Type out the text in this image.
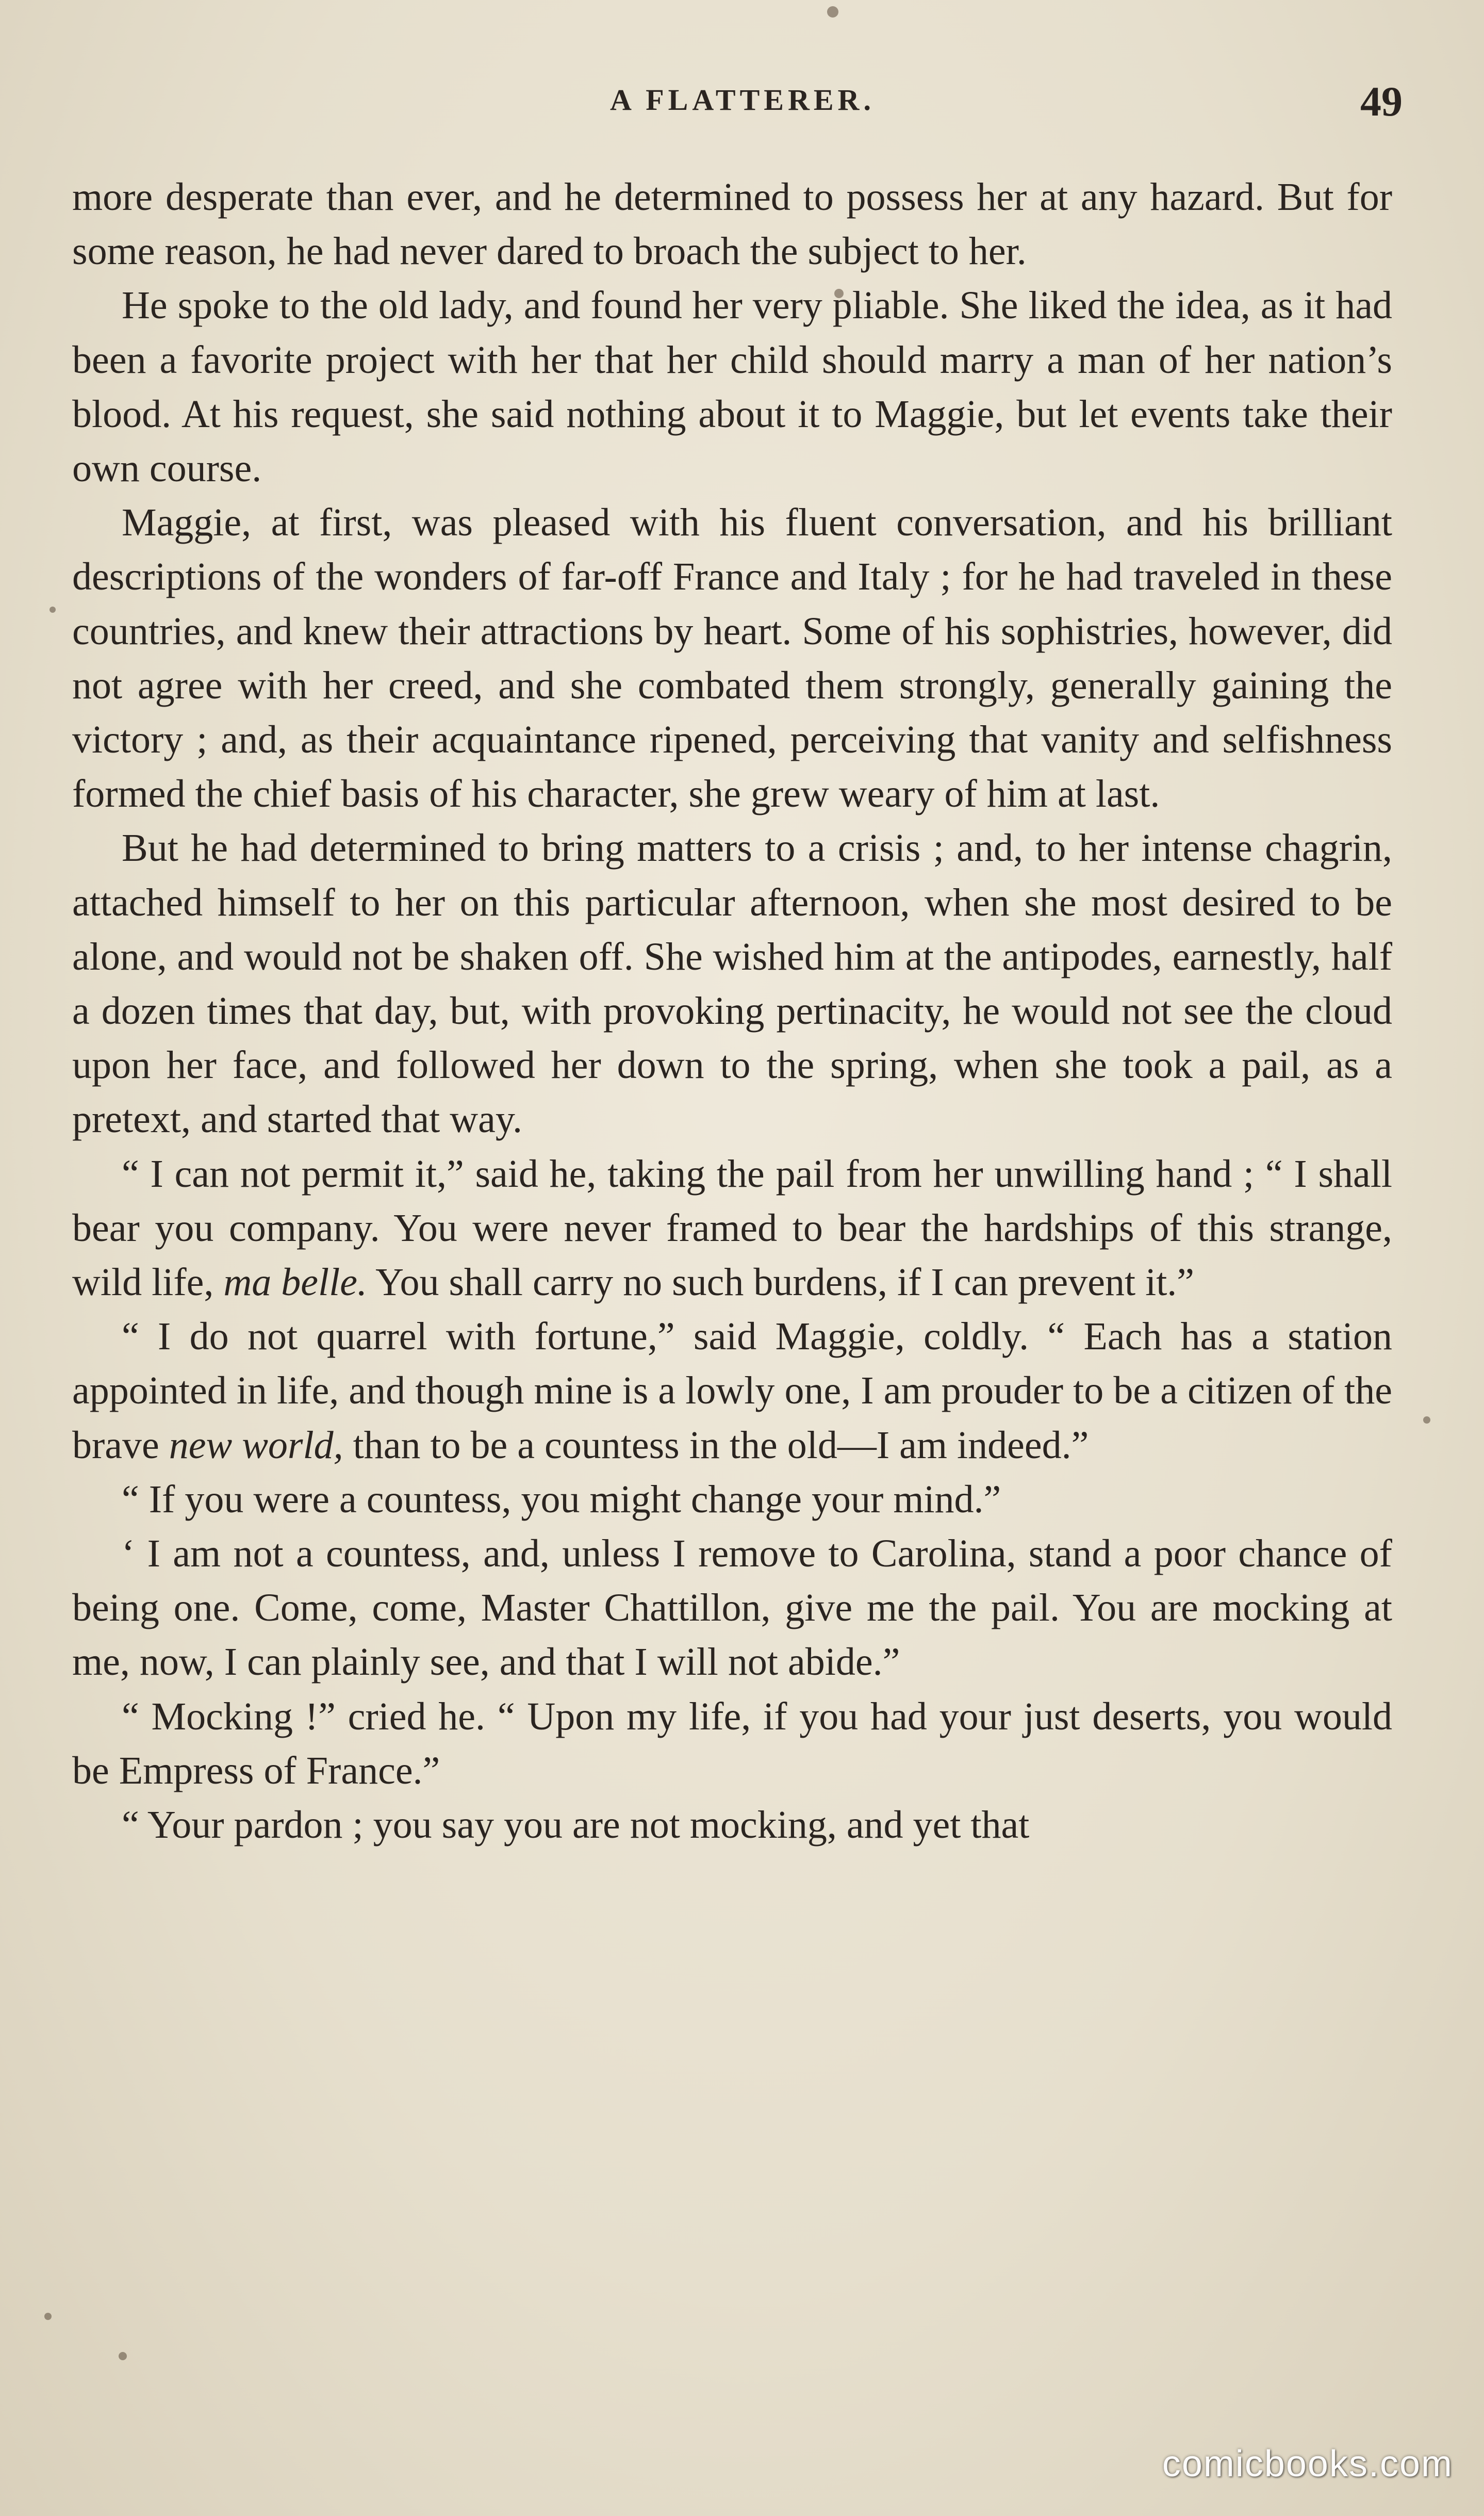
A FLATTERER.	49

more desperate than ever, and he determined to possess her at any hazard. But for some reason, he had never dared to broach the subject to her.

He spoke to the old lady, and found her very pliable. She liked the idea, as it had been a favorite project with her that her child should marry a man of her nation’s blood. At his request, she said nothing about it to Maggie, but let events take their own course.

Maggie, at first, was pleased with his fluent conversation, and his brilliant descriptions of the wonders of far-off France and Italy ; for he had traveled in these countries, and knew their attractions by heart. Some of his sophistries, however, did not agree with her creed, and she combated them strongly, generally gaining the victory ; and, as their acquaintance ripened, perceiving that vanity and selfishness formed the chief basis of his character, she grew weary of him at last.

But he had determined to bring matters to a crisis ; and, to her intense chagrin, attached himself to her on this particular afternoon, when she most desired to be alone, and would not be shaken off. She wished him at the antipodes, earnestly, half a dozen times that day, but, with provoking pertinacity, he would not see the cloud upon her face, and followed her down to the spring, when she took a pail, as a pretext, and started that way.

“ I can not permit it,” said he, taking the pail from her unwilling hand ; “ I shall bear you company. You were never framed to bear the hardships of this strange, wild life, ma belle. You shall carry no such burdens, if I can prevent it.”

“ I do not quarrel with fortune,” said Maggie, coldly. “ Each has a station appointed in life, and though mine is a lowly one, I am prouder to be a citizen of the brave new world, than to be a countess in the old—I am indeed.”

“ If you were a countess, you might change your mind.”

‘ I am not a countess, and, unless I remove to Carolina, stand a poor chance of being one. Come, come, Master Chattillon, give me the pail. You are mocking at me, now, I can plainly see, and that I will not abide.”

“ Mocking !” cried he. “ Upon my life, if you had your just deserts, you would be Empress of France.”

“ Your pardon ; you say you are not mocking, and yet that

comicbooks.com
